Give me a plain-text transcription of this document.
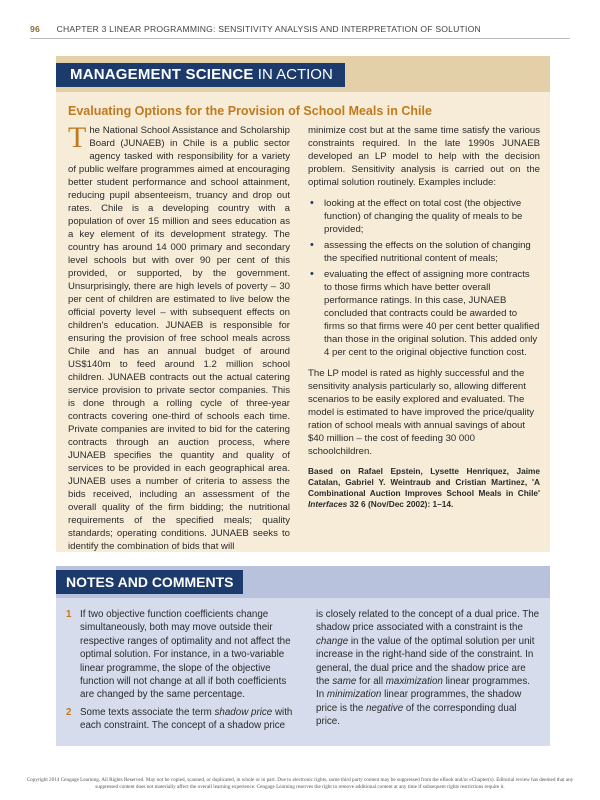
96 CHAPTER 3 LINEAR PROGRAMMING: SENSITIVITY ANALYSIS AND INTERPRETATION OF SOLUTION
MANAGEMENT SCIENCE IN ACTION
Evaluating Options for the Provision of School Meals in Chile

The National School Assistance and Scholarship Board (JUNAEB) in Chile is a public sector agency tasked with responsibility for a variety of public welfare programmes aimed at encouraging better student performance and school attainment, reducing pupil absenteeism, truancy and drop out rates. Chile is a developing country with a population of over 15 million and sees education as a key element of its development strategy. The country has around 14 000 primary and secondary level schools but with over 90 per cent of this provided, or supported, by the government. Unsurprisingly, there are high levels of poverty – 30 per cent of children are estimated to live below the official poverty level – with subsequent effects on children's education. JUNAEB is responsible for ensuring the provision of free school meals across Chile and has an annual budget of around US$140m to feed around 1.2 million school children. JUNAEB contracts out the actual catering service provision to private sector companies. This is done through a rolling cycle of three-year contracts covering one-third of schools each time. Private companies are invited to bid for the catering contracts through an auction process, where JUNAEB specifies the quantity and quality of services to be provided in each geographical area. JUNAEB uses a number of criteria to assess the bids received, including an assessment of the overall quality of the firm bidding; the nutritional requirements of the specified meals; quality standards; operating conditions. JUNAEB seeks to identify the combination of bids that will

minimize cost but at the same time satisfy the various constraints required. In the late 1990s JUNAEB developed an LP model to help with the decision problem. Sensitivity analysis is carried out on the optimal solution routinely. Examples include:

• looking at the effect on total cost (the objective function) of changing the quality of meals to be provided;
• assessing the effects on the solution of changing the specified nutritional content of meals;
• evaluating the effect of assigning more contracts to those firms which have better overall performance ratings. In this case, JUNAEB concluded that contracts could be awarded to firms so that firms were 40 per cent better qualified than those in the original solution. This added only 4 per cent to the original objective function cost.

The LP model is rated as highly successful and the sensitivity analysis particularly so, allowing different scenarios to be easily explored and evaluated. The model is estimated to have improved the price/quality ration of school meals with annual savings of about $40 million – the cost of feeding 30 000 schoolchildren.

Based on Rafael Epstein, Lysette Henriquez, Jaime Catalan, Gabriel Y. Weintraub and Cristian Martinez, 'A Combinational Auction Improves School Meals in Chile' Interfaces 32 6 (Nov/Dec 2002): 1–14.

NOTES AND COMMENTS
1 If two objective function coefficients change simultaneously, both may move outside their respective ranges of optimality and not affect the optimal solution. For instance, in a two-variable linear programme, the slope of the objective function will not change at all if both coefficients are changed by the same percentage.
2 Some texts associate the term shadow price with each constraint. The concept of a shadow price

is closely related to the concept of a dual price. The shadow price associated with a constraint is the change in the value of the optimal solution per unit increase in the right-hand side of the constraint. In general, the dual price and the shadow price are the same for all maximization linear programmes. In minimization linear programmes, the shadow price is the negative of the corresponding dual price.

Copyright 2014 Cengage Learning. All Rights Reserved. May not be copied, scanned, or duplicated, in whole or in part. Due to electronic rights, some third party content may be suppressed from the eBook and/or eChapter(s). Editorial review has deemed that any suppressed content does not materially affect the overall learning experience. Cengage Learning reserves the right to remove additional content at any time if subsequent rights restrictions require it.
